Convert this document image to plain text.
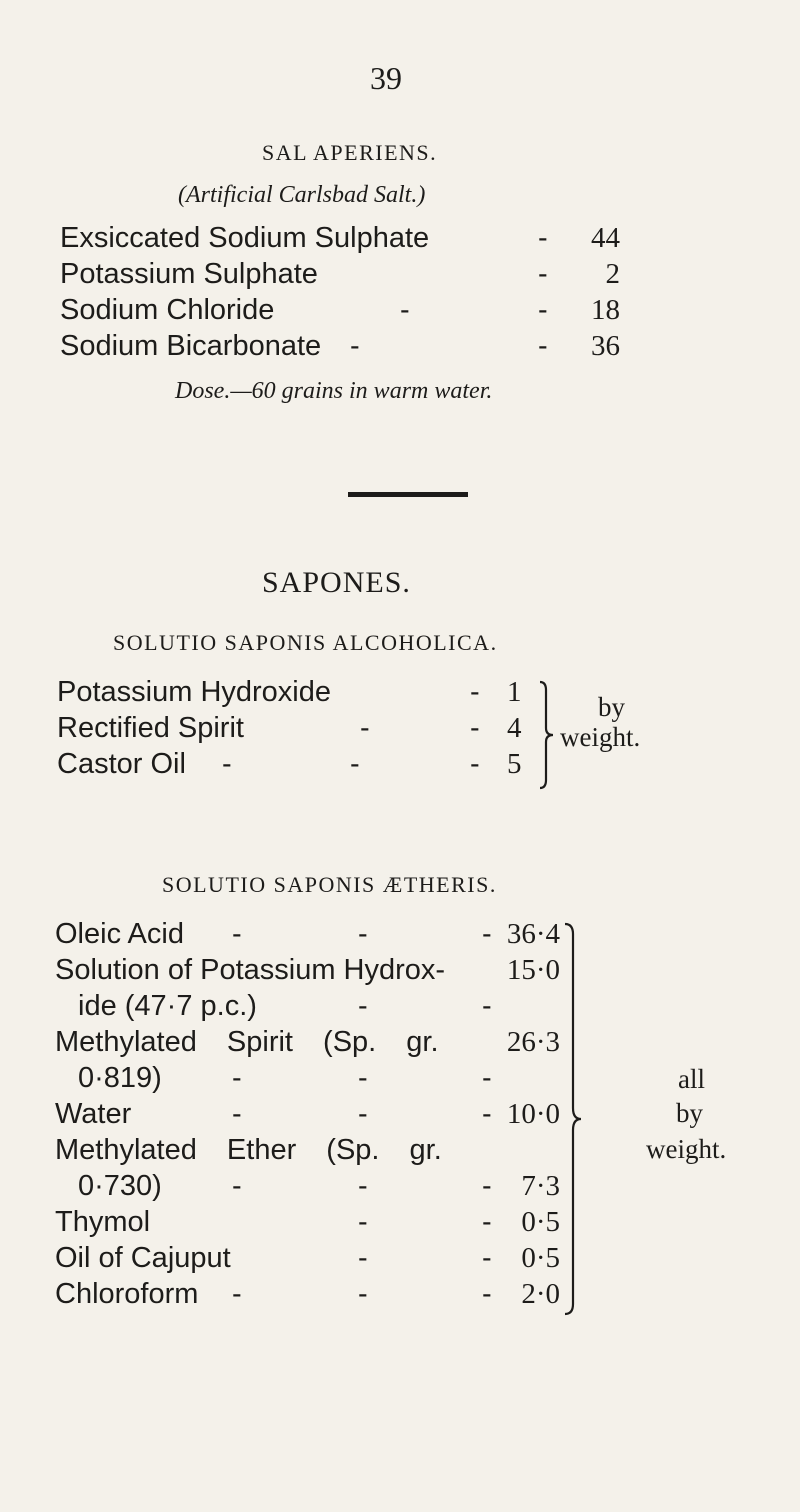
39
SAL APERIENS.
(Artificial Carlsbad Salt.)
Exsiccated Sodium Sulphate	-	44
Potassium Sulphate	-	2
Sodium Chloride	-	-	18
Sodium Bicarbonate -	-	36
Dose.—60 grains in warm water.
SAPONES.
SOLUTIO SAPONIS ALCOHOLICA.
Potassium Hydroxide	- 1
Rectified Spirit	-	- 4
Castor Oil -	-	- 5
by
weight.
SOLUTIO SAPONIS ÆTHERIS.
Oleic Acid -	-	- 36·4
Solution of Potassium Hydrox- 15·0
ide (47·7 p.c.)	-	-
Methylated Spirit (Sp. gr. 26·3
0·819) -	-	-
Water	-	-	- 10·0
Methylated Ether (Sp. gr.
0·730) -	-	-	7·3
Thymol	-	-	0·5
Oil of Cajuput	-	-	0·5
Chloroform -	-	-	2·0
all
by
weight.
